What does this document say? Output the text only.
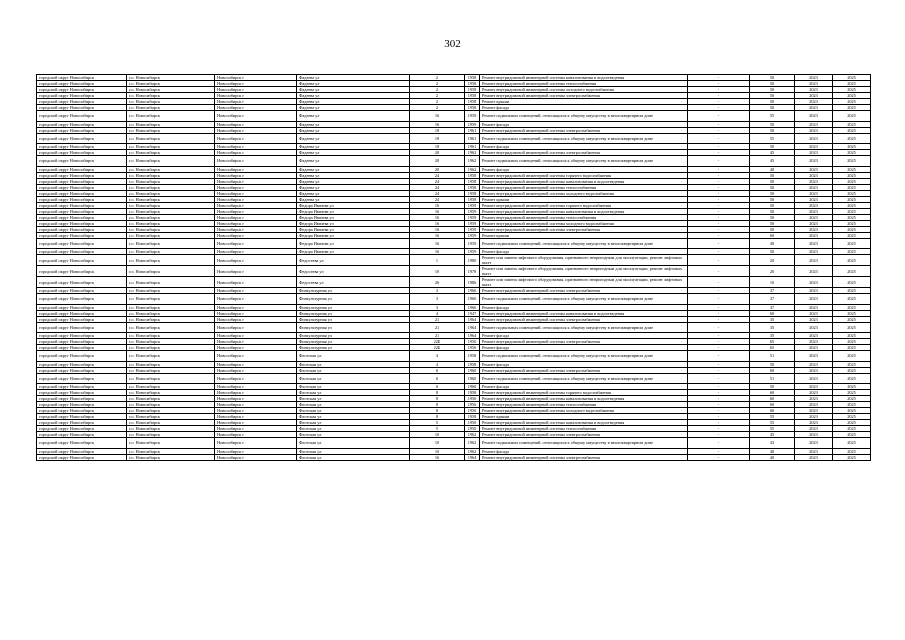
302
городской округ Новосибирск	г.о. Новосибирск	Новосибирск г	Фадеева ул	2	1958	Ремонт внутридомовой инженерной системы канализования и водоотведения	-	50	2023	2025
городской округ Новосибирск	г.о. Новосибирск	Новосибирск г	Фадеева ул	2	1958	Ремонт внутридомовой инженерной системы теплоснабжения	-	50	2023	2025
городской округ Новосибирск	г.о. Новосибирск	Новосибирск г	Фадеева ул	2	1958	Ремонт внутридомовой инженерной системы холодного водоснабжения	-	50	2023	2025
городской округ Новосибирск	г.о. Новосибирск	Новосибирск г	Фадеева ул	2	1958	Ремонт внутридомовой инженерной системы электроснабжения	-	50	2023	2025
городской округ Новосибирск	г.о. Новосибирск	Новосибирск г	Фадеева ул	2	1958	Ремонт крыши	-	50	2023	2025
городской округ Новосибирск	г.о. Новосибирск	Новосибирск г	Фадеева ул	2	1958	Ремонт фасада	-	50	2023	2025
городской округ Новосибирск	г.о. Новосибирск	Новосибирск г	Фадеева ул	16	1959	Ремонт подвальных помещений, относящихся к общему имуществу в многоквартирном доме	-	55	2023	2025
городской округ Новосибирск	г.о. Новосибирск	Новосибирск г	Фадеева ул	16	1959	Ремонт фасада	-	50	2023	2025
городской округ Новосибирск	г.о. Новосибирск	Новосибирск г	Фадеева ул	18	1961	Ремонт внутридомовой инженерной системы электроснабжения	-	50	2023	2025
городской округ Новосибирск	г.о. Новосибирск	Новосибирск г	Фадеева ул	18	1961	Ремонт подвальных помещений, относящихся к общему имуществу в многоквартирном доме	-	55	2023	2025
городской округ Новосибирск	г.о. Новосибирск	Новосибирск г	Фадеева ул	18	1961	Ремонт фасада	-	50	2023	2025
городской округ Новосибирск	г.о. Новосибирск	Новосибирск г	Фадеева ул	20	1962	Ремонт внутридомовой инженерной системы электроснабжения	-	45	2023	2025
городской округ Новосибирск	г.о. Новосибирск	Новосибирск г	Фадеева ул	20	1962	Ремонт подвальных помещений, относящихся к общему имуществу в многоквартирном доме	-	45	2023	2025
городской округ Новосибирск	г.о. Новосибирск	Новосибирск г	Фадеева ул	20	1962	Ремонт фасада	-	40	2023	2025
городской округ Новосибирск	г.о. Новосибирск	Новосибирск г	Фадеева ул	24	1958	Ремонт внутридомовой инженерной системы горячего водоснабжения	-	50	2023	2025
городской округ Новосибирск	г.о. Новосибирск	Новосибирск г	Фадеева ул	24	1958	Ремонт внутридомовой инженерной системы канализования и водоотведения	-	50	2023	2025
городской округ Новосибирск	г.о. Новосибирск	Новосибирск г	Фадеева ул	24	1958	Ремонт внутридомовой инженерной системы теплоснабжения	-	50	2023	2025
городской округ Новосибирск	г.о. Новосибирск	Новосибирск г	Фадеева ул	24	1958	Ремонт внутридомовой инженерной системы холодного водоснабжения	-	50	2023	2025
городской округ Новосибирск	г.о. Новосибирск	Новосибирск г	Фадеева ул	24	1958	Ремонт крыши	-	50	2023	2025
городской округ Новосибирск	г.о. Новосибирск	Новосибирск г	Федора Ивачева ул	16	1959	Ремонт внутридомовой инженерной системы горячего водоснабжения	-	50	2023	2025
городской округ Новосибирск	г.о. Новосибирск	Новосибирск г	Федора Ивачева ул	16	1959	Ремонт внутридомовой инженерной системы канализования и водоотведения	-	50	2023	2025
городской округ Новосибирск	г.о. Новосибирск	Новосибирск г	Федора Ивачева ул	16	1959	Ремонт внутридомовой инженерной системы теплоснабжения	-	50	2023	2025
городской округ Новосибирск	г.о. Новосибирск	Новосибирск г	Федора Ивачева ул	16	1959	Ремонт внутридомовой инженерной системы холодного водоснабжения	-	50	2023	2025
городской округ Новосибирск	г.о. Новосибирск	Новосибирск г	Федора Ивачева ул	16	1959	Ремонт внутридомовой инженерной системы электроснабжения	-	50	2023	2025
городской округ Новосибирск	г.о. Новосибирск	Новосибирск г	Федора Ивачева ул	16	1959	Ремонт крыши	-	60	2023	2025
городской округ Новосибирск	г.о. Новосибирск	Новосибирск г	Федора Ивачева ул	16	1959	Ремонт подвальных помещений, относящихся к общему имуществу в многоквартирном доме	-	49	2023	2025
городской округ Новосибирск	г.о. Новосибирск	Новосибирск г	Федора Ивачева ул	16	1959	Ремонт фасада	-	50	2023	2025
городской округ Новосибирск	г.о. Новосибирск	Новосибирск г	Федосеева ул	1	1980	Ремонт или замена лифтового оборудования, признанного непригодным для эксплуатации, ремонт лифтовых шахт	-	20	2023	2025
городской округ Новосибирск	г.о. Новосибирск	Новосибирск г	Федосеева ул	10	1978	Ремонт или замена лифтового оборудования, признанного непригодным для эксплуатации, ремонт лифтовых шахт	-	20	2023	2025
городской округ Новосибирск	г.о. Новосибирск	Новосибирск г	Федосеева ул	26	1986	Ремонт или замена лифтового оборудования, признанного непригодным для эксплуатации, ремонт лифтовых шахт	-	10	2023	2025
городской округ Новосибирск	г.о. Новосибирск	Новосибирск г	Физкультурная ул	3	1966	Ремонт внутридомовой инженерной системы электроснабжения	-	37	2023	2025
городской округ Новосибирск	г.о. Новосибирск	Новосибирск г	Физкультурная ул	3	1966	Ремонт подвальных помещений, относящихся к общему имуществу в многоквартирном доме	-	37	2023	2025
городской округ Новосибирск	г.о. Новосибирск	Новосибирск г	Физкультурная ул	3	1966	Ремонт фасада	-	37	2023	2025
городской округ Новосибирск	г.о. Новосибирск	Новосибирск г	Физкультурная ул	4	1947	Ремонт внутридомовой инженерной системы канализования и водоотведения	-	60	2023	2025
городской округ Новосибирск	г.о. Новосибирск	Новосибирск г	Физкультурная ул	21	1964	Ремонт внутридомовой инженерной системы электроснабжения	-	35	2023	2025
городской округ Новосибирск	г.о. Новосибирск	Новосибирск г	Физкультурная ул	21	1964	Ремонт подвальных помещений, относящихся к общему имуществу в многоквартирном доме	-	35	2023	2025
городской округ Новосибирск	г.о. Новосибирск	Новосибирск г	Физкультурная ул	21	1964	Ремонт фасада	-	35	2023	2025
городской округ Новосибирск	г.о. Новосибирск	Новосибирск г	Физкультурная ул	22Б	1956	Ремонт внутридомовой инженерной системы электроснабжения	-	65	2023	2025
городской округ Новосибирск	г.о. Новосибирск	Новосибирск г	Физкультурная ул	22Б	1956	Ремонт фасада	-	65	2023	2025
городской округ Новосибирск	г.о. Новосибирск	Новосибирск г	Флотская ул	4	1958	Ремонт подвальных помещений, относящихся к общему имуществу в многоквартирном доме	-	51	2023	2025
городской округ Новосибирск	г.о. Новосибирск	Новосибирск г	Флотская ул	4	1958	Ремонт фасада	-	50	2023	2025
городской округ Новосибирск	г.о. Новосибирск	Новосибирск г	Флотская ул	6	1960	Ремонт внутридомовой инженерной системы электроснабжения	-	60	2023	2025
городской округ Новосибирск	г.о. Новосибирск	Новосибирск г	Флотская ул	6	1960	Ремонт подвальных помещений, относящихся к общему имуществу в многоквартирном доме	-	51	2023	2025
городской округ Новосибирск	г.о. Новосибирск	Новосибирск г	Флотская ул	6	1960	Ремонт фасада	-	50	2023	2025
городской округ Новосибирск	г.о. Новосибирск	Новосибирск г	Флотская ул	8	1958	Ремонт внутридомовой инженерной системы горячего водоснабжения	-	60	2023	2025
городской округ Новосибирск	г.о. Новосибирск	Новосибирск г	Флотская ул	8	1956	Ремонт внутридомовой инженерной системы канализования и водоотведения	-	60	2023	2025
городской округ Новосибирск	г.о. Новосибирск	Новосибирск г	Флотская ул	8	1956	Ремонт внутридомовой инженерной системы теплоснабжения	-	60	2023	2025
городской округ Новосибирск	г.о. Новосибирск	Новосибирск г	Флотская ул	8	1956	Ремонт внутридомовой инженерной системы холодного водоснабжения	-	60	2023	2025
городской округ Новосибирск	г.о. Новосибирск	Новосибирск г	Флотская ул	8	1958	Ремонт крыши	-	55	2023	2025
городской округ Новосибирск	г.о. Новосибирск	Новосибирск г	Флотская ул	5	1950	Ремонт внутридомовой инженерной системы канализования и водоотведения	-	55	2023	2025
городской округ Новосибирск	г.о. Новосибирск	Новосибирск г	Флотская ул	5	1950	Ремонт внутридомовой инженерной системы теплоснабжения	-	55	2023	2025
городской округ Новосибирск	г.о. Новосибирск	Новосибирск г	Флотская ул	10	1962	Ремонт внутридомовой инженерной системы электроснабжения	-	45	2023	2025
городской округ Новосибирск	г.о. Новосибирск	Новосибирск г	Флотская ул	10	1962	Ремонт подвальных помещений, относящихся к общему имуществу в многоквартирном доме	-	43	2023	2025
городской округ Новосибирск	г.о. Новосибирск	Новосибирск г	Флотская ул	10	1962	Ремонт фасада	-	40	2023	2025
городской округ Новосибирск	г.о. Новосибирск	Новосибирск г	Флотская ул	16	1964	Ремонт внутридомовой инженерной системы электроснабжения	-	40	2023	2025
